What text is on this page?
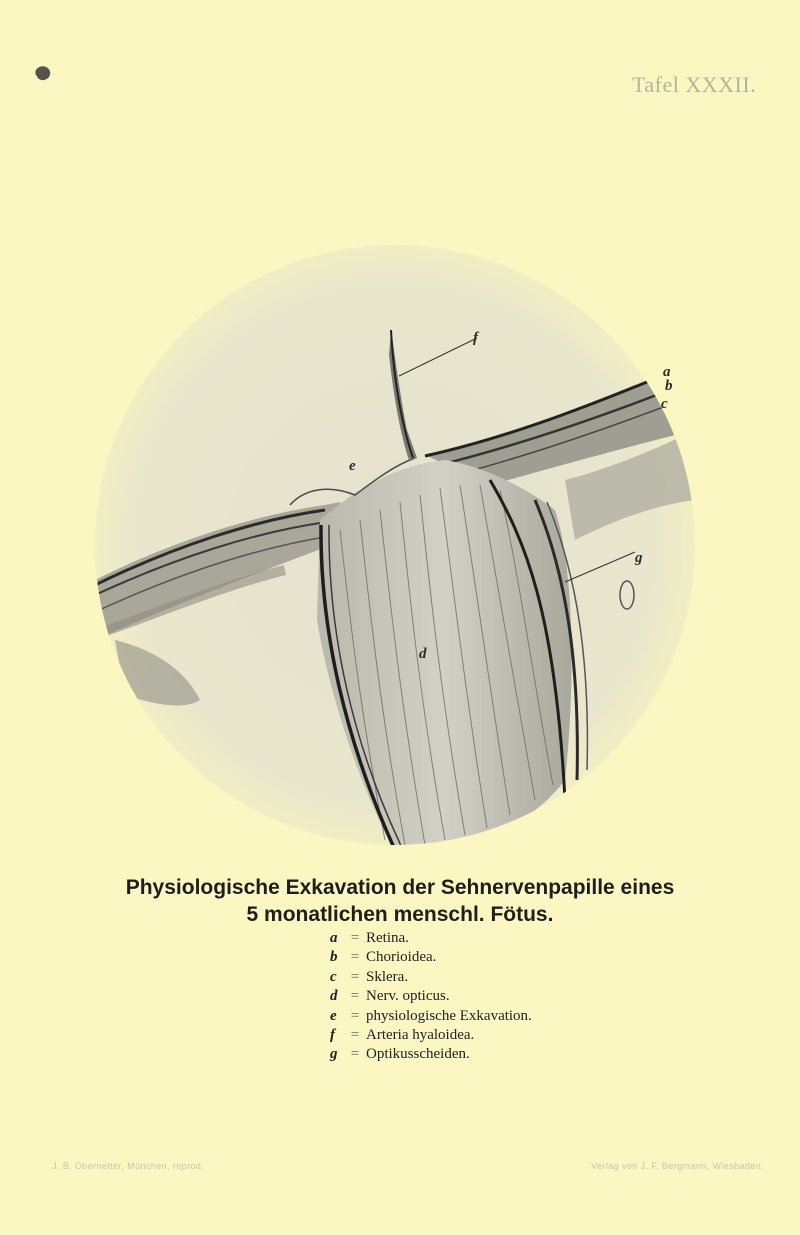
Tafel XXXII.
f
a
b
c
e
g
d
Physiologische Exkavation der Sehnervenpapille eines
5 monatlichen menschl. Fötus.
a = Retina.
b = Chorioidea.
c = Sklera.
d = Nerv. opticus.
e = physiologische Exkavation.
f = Arteria hyaloidea.
g = Optikusscheiden.
J. B. Obernetter, München, reprod.	Verlag von J. F. Bergmann, Wiesbaden.
